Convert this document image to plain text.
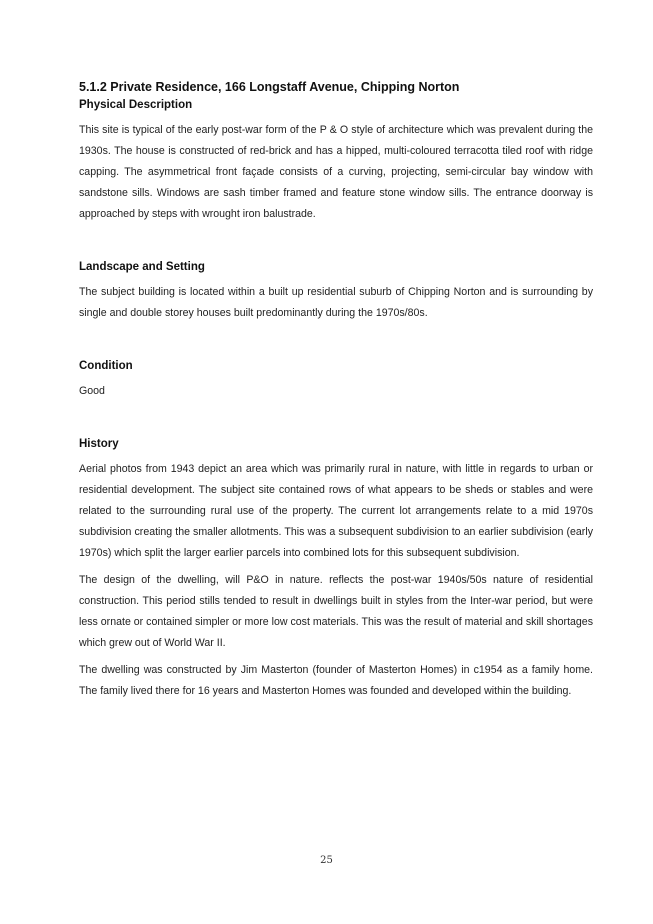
5.1.2 Private Residence, 166 Longstaff Avenue, Chipping Norton
Physical Description

This site is typical of the early post-war form of the P & O style of architecture which was prevalent during the 1930s. The house is constructed of red-brick and has a hipped, multi-coloured terracotta tiled roof with ridge capping. The asymmetrical front façade consists of a curving, projecting, semi-circular bay window with sandstone sills. Windows are sash timber framed and feature stone window sills. The entrance doorway is approached by steps with wrought iron balustrade.

Landscape and Setting

The subject building is located within a built up residential suburb of Chipping Norton and is surrounding by single and double storey houses built predominantly during the 1970s/80s.

Condition

Good

History

Aerial photos from 1943 depict an area which was primarily rural in nature, with little in regards to urban or residential development. The subject site contained rows of what appears to be sheds or stables and were related to the surrounding rural use of the property. The current lot arrangements relate to a mid 1970s subdivision creating the smaller allotments. This was a subsequent subdivision to an earlier subdivision (early 1970s) which split the larger earlier parcels into combined lots for this subsequent subdivision.

The design of the dwelling, will P&O in nature. reflects the post-war 1940s/50s nature of residential construction. This period stills tended to result in dwellings built in styles from the Inter-war period, but were less ornate or contained simpler or more low cost materials. This was the result of material and skill shortages which grew out of World War II.

The dwelling was constructed by Jim Masterton (founder of Masterton Homes) in c1954 as a family home. The family lived there for 16 years and Masterton Homes was founded and developed within the building.

25
